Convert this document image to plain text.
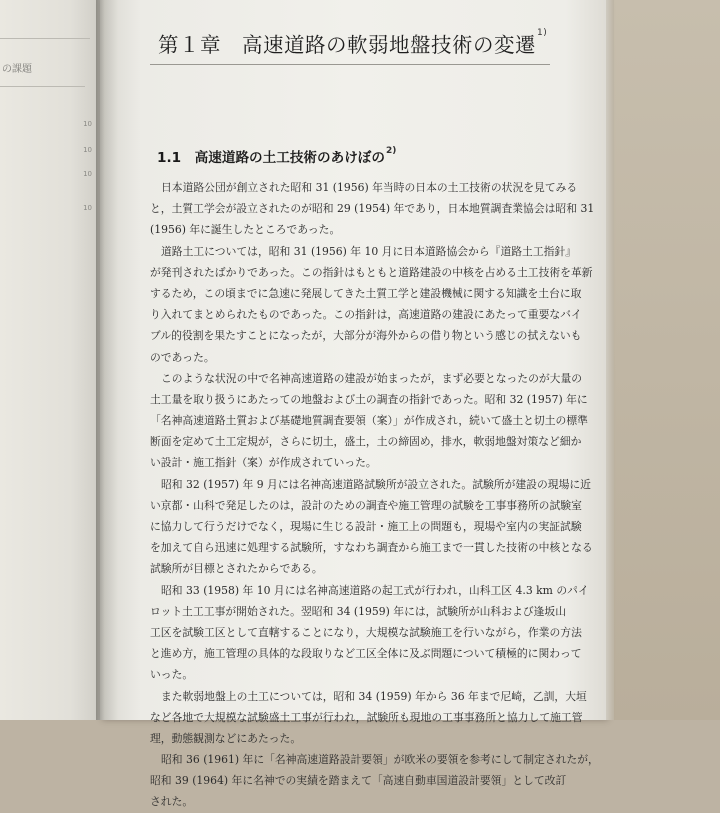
の課題
10
10
10
10
第１章　高速道路の軟弱地盤技術の変遷$^{1)}$
1.1　高速道路の土工技術のあけぼの$^{2)}$
日本道路公団が創立された昭和 31 (1956) 年当時の日本の土工技術の状況を見てみる
と，土質工学会が設立されたのが昭和 29 (1954) 年であり，日本地質調査業協会は昭和 31
(1956) 年に誕生したところであった。
道路土工については，昭和 31 (1956) 年 10 月に日本道路協会から『道路土工指針』
が発刊されたばかりであった。この指針はもともと道路建設の中核を占める土工技術を革新
するため，この頃までに急速に発展してきた土質工学と建設機械に関する知識を土台に取
り入れてまとめられたものであった。この指針は，高速道路の建設にあたって重要なバイ
ブル的役割を果たすことになったが，大部分が海外からの借り物という感じの拭えないも
のであった。
このような状況の中で名神高速道路の建設が始まったが，まず必要となったのが大量の
土工量を取り扱うにあたっての地盤および土の調査の指針であった。昭和 32 (1957) 年に
「名神高速道路土質および基礎地質調査要領（案）」が作成され，続いて盛土と切土の標準
断面を定めて土工定規が，さらに切土，盛土，土の締固め，排水，軟弱地盤対策など細か
い設計・施工指針（案）が作成されていった。
昭和 32 (1957) 年 9 月には名神高速道路試験所が設立された。試験所が建設の現場に近
い京都・山科で発足したのは，設計のための調査や施工管理の試験を工事事務所の試験室
に協力して行うだけでなく，現場に生じる設計・施工上の問題も，現場や室内の実証試験
を加えて自ら迅速に処理する試験所，すなわち調査から施工まで一貫した技術の中核となる
試験所が目標とされたからである。
昭和 33 (1958) 年 10 月には名神高速道路の起工式が行われ，山科工区 4.3 km のパイ
ロット土工工事が開始された。翌昭和 34 (1959) 年には，試験所が山科および逢坂山
工区を試験工区として直轄することになり，大規模な試験施工を行いながら，作業の方法
と進め方，施工管理の具体的な段取りなど工区全体に及ぶ問題について積極的に関わって
いった。
また軟弱地盤上の土工については，昭和 34 (1959) 年から 36 年まで尼崎，乙訓，大垣
など各地で大規模な試験盛土工事が行われ，試験所も現地の工事事務所と協力して施工管
理，動態観測などにあたった。
昭和 36 (1961) 年に「名神高速道路設計要領」が欧米の要領を参考にして制定されたが，
昭和 39 (1964) 年に名神での実績を踏まえて「高速自動車国道設計要領」として改訂
された。
